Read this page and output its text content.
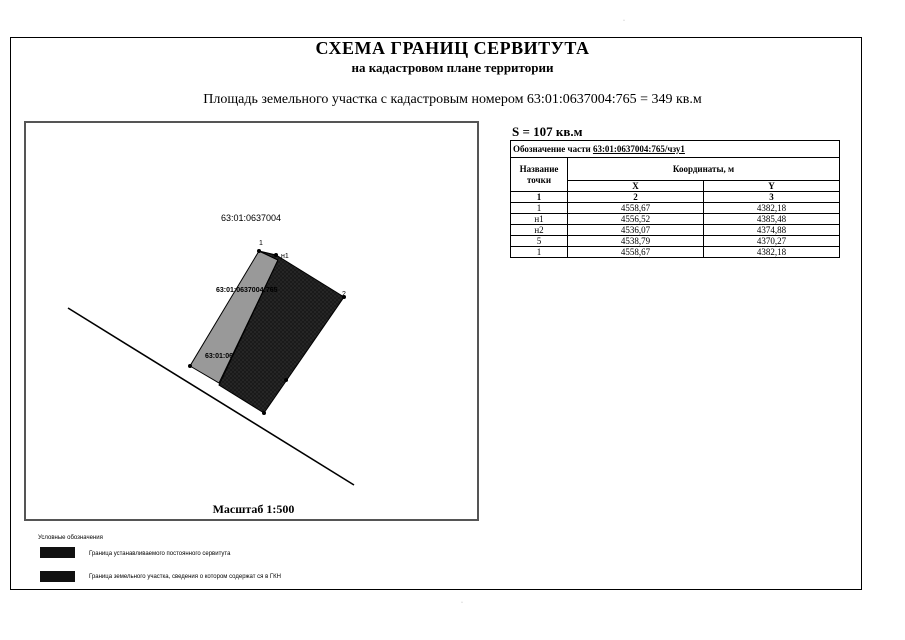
СХЕМА ГРАНИЦ СЕРВИТУТА
на кадастровом плане территории
Площадь земельного участка с кадастровым номером 63:01:0637004:765 = 349 кв.м
63:01:0637004
1
н1
2
63:01:0637004:765
63:01:06
Масштаб 1:500
S = 107 кв.м
Обозначение части 63:01:0637004:765/чзу1		
Название точки	Координаты, м	
	X	Y
1	2	3
1	4558,67	4382,18
н1	4556,52	4385,48
н2	4536,07	4374,88
5	4538,79	4370,27
1	4558,67	4382,18
Условные обозначения
Граница устанавливаемого постоянного сервитута
Граница земельного участка, сведения о котором содержат ся в ГКН
·
·
